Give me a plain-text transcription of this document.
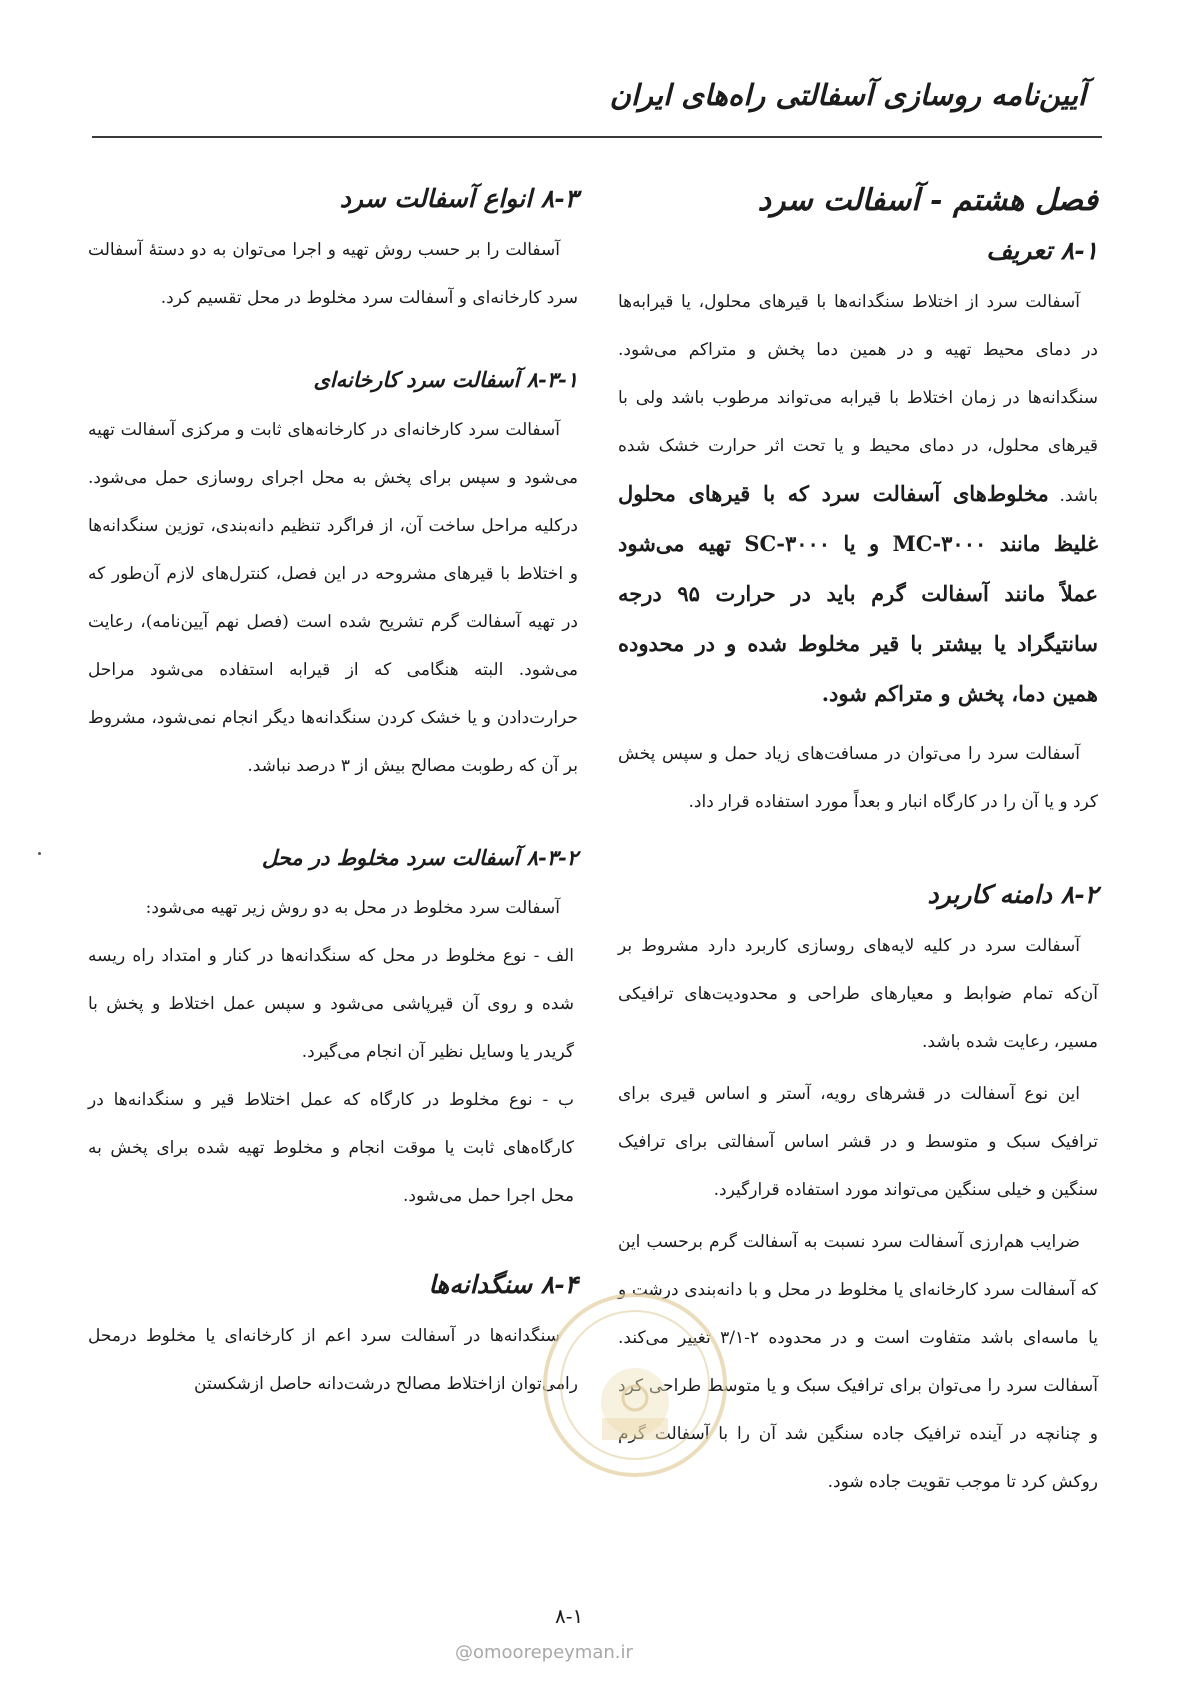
آیین‌نامه روسازی آسفالتی راه‌های ایران
فصل هشتم - آسفالت سرد
۸-۱ تعریف

آسفالت سرد از اختلاط سنگدانه‌ها با قیرهای محلول، یا قیرابه‌ها در دمای محیط تهیه و در همین دما پخش و متراکم می‌شود. سنگدانه‌ها در زمان اختلاط با قیرابه می‌تواند مرطوب باشد ولی با قیرهای محلول، در دمای محیط و یا تحت اثر حرارت خشک شده باشد. مخلوط‌های آسفالت سرد که با قیرهای محلول غلیظ مانند MC-۳۰۰۰ و یا SC-۳۰۰۰ تهیه می‌شود عملاً مانند آسفالت گرم باید در حرارت ۹۵ درجه سانتیگراد یا بیشتر با قیر مخلوط شده و در محدوده همین دما، پخش و متراکم شود.

آسفالت سرد را می‌توان در مسافت‌های زیاد حمل و سپس پخش کرد و یا آن را در کارگاه انبار و بعداً مورد استفاده قرار داد.

۸-۲ دامنه کاربرد

آسفالت سرد در کلیه لایه‌های روسازی کاربرد دارد مشروط بر آن‌که تمام ضوابط و معیارهای طراحی و محدودیت‌های ترافیکی مسیر، رعایت شده باشد.

این نوع آسفالت در قشرهای رویه، آستر و اساس قیری برای ترافیک سبک و متوسط و در قشر اساس آسفالتی برای ترافیک سنگین و خیلی سنگین می‌تواند مورد استفاده قرارگیرد.

ضرایب هم‌ارزی آسفالت سرد نسبت به آسفالت گرم برحسب این که آسفالت سرد کارخانه‌ای یا مخلوط در محل و با دانه‌بندی درشت و یا ماسه‌ای باشد متفاوت است و در محدوده ۲-۳/۱ تغییر می‌کند. آسفالت سرد را می‌توان برای ترافیک سبک و یا متوسط طراحی کرد و چنانچه در آینده ترافیک جاده سنگین شد آن را با آسفالت گرم روکش کرد تا موجب تقویت جاده شود.

۸-۳ انواع آسفالت سرد

آسفالت را بر حسب روش تهیه و اجرا می‌توان به دو دستهٔ آسفالت سرد کارخانه‌ای و آسفالت سرد مخلوط در محل تقسیم کرد.

۸-۳-۱ آسفالت سرد کارخانه‌ای

آسفالت سرد کارخانه‌ای در کارخانه‌های ثابت و مرکزی آسفالت تهیه می‌شود و سپس برای پخش به محل اجرای روسازی حمل می‌شود. درکلیه مراحل ساخت آن، از فراگرد تنظیم دانه‌بندی، توزین سنگدانه‌ها و اختلاط با قیرهای مشروحه در این فصل، کنترل‌های لازم آن‌طور که در تهیه آسفالت گرم تشریح شده است (فصل نهم آیین‌نامه)، رعایت می‌شود. البته هنگامی که از قیرابه استفاده می‌شود مراحل حرارت‌دادن و یا خشک کردن سنگدانه‌ها دیگر انجام نمی‌شود، مشروط بر آن که رطوبت مصالح بیش از ۳ درصد نباشد.

۸-۳-۲ آسفالت سرد مخلوط در محل

آسفالت سرد مخلوط در محل به دو روش زیر تهیه می‌شود:

الف - نوع مخلوط در محل که سنگدانه‌ها در کنار و امتداد راه ریسه شده و روی آن قیرپاشی می‌شود و سپس عمل اختلاط و پخش با گریدر یا وسایل نظیر آن انجام می‌گیرد.

ب - نوع مخلوط در کارگاه که عمل اختلاط قیر و سنگدانه‌ها در کارگاه‌های ثابت یا موقت انجام و مخلوط تهیه شده برای پخش به محل اجرا حمل می‌شود.

۸-۴ سنگدانه‌ها

سنگدانه‌ها در آسفالت سرد اعم از کارخانه‌ای یا مخلوط درمحل رامی‌توان ازاختلاط مصالح درشت‌دانه حاصل ازشکستن

۸-۱
@omoorepeyman.ir
